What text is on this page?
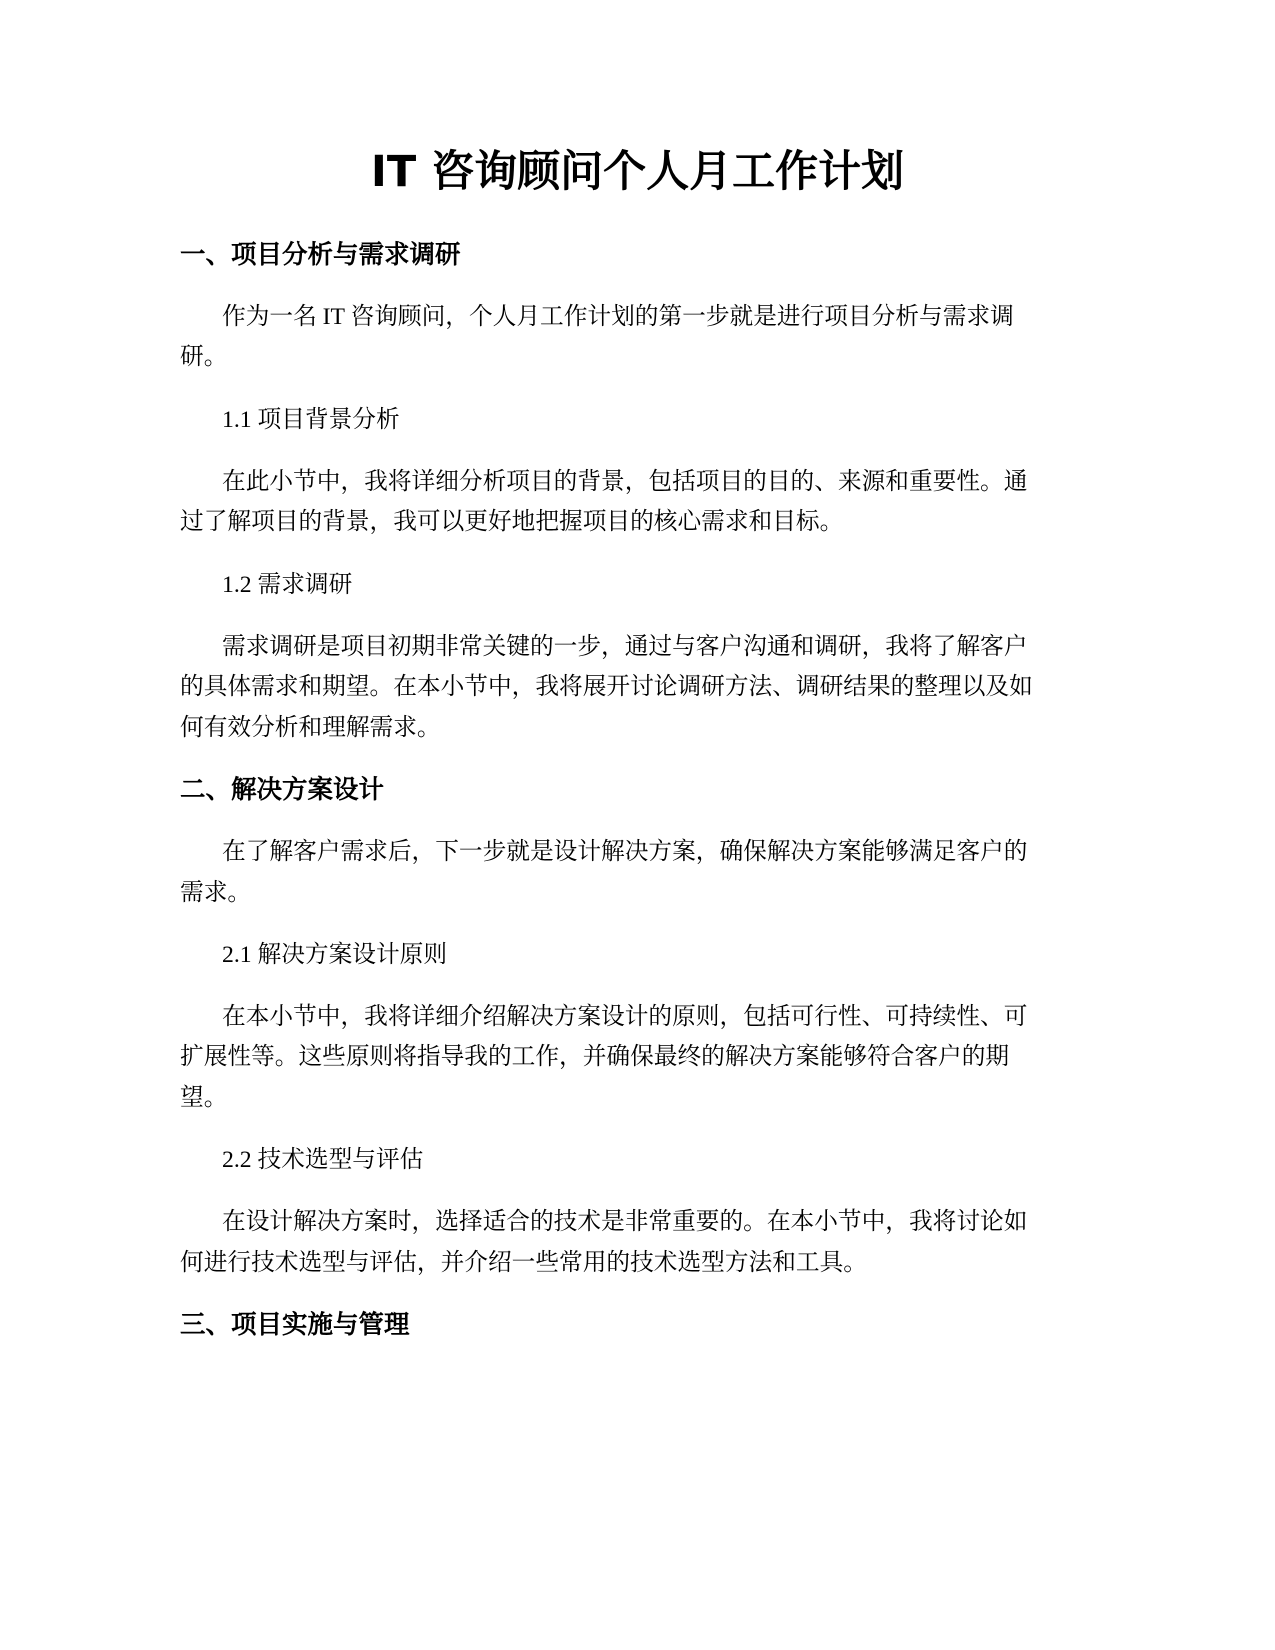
IT 咨询顾问个人月工作计划
一、项目分析与需求调研
作为一名 IT 咨询顾问，个人月工作计划的第一步就是进行项目分析与需求调
研。
1.1 项目背景分析
在此小节中，我将详细分析项目的背景，包括项目的目的、来源和重要性。通
过了解项目的背景，我可以更好地把握项目的核心需求和目标。
1.2 需求调研
需求调研是项目初期非常关键的一步，通过与客户沟通和调研，我将了解客户
的具体需求和期望。在本小节中，我将展开讨论调研方法、调研结果的整理以及如
何有效分析和理解需求。
二、解决方案设计
在了解客户需求后，下一步就是设计解决方案，确保解决方案能够满足客户的
需求。
2.1 解决方案设计原则
在本小节中，我将详细介绍解决方案设计的原则，包括可行性、可持续性、可
扩展性等。这些原则将指导我的工作，并确保最终的解决方案能够符合客户的期
望。
2.2 技术选型与评估
在设计解决方案时，选择适合的技术是非常重要的。在本小节中，我将讨论如
何进行技术选型与评估，并介绍一些常用的技术选型方法和工具。
三、项目实施与管理
